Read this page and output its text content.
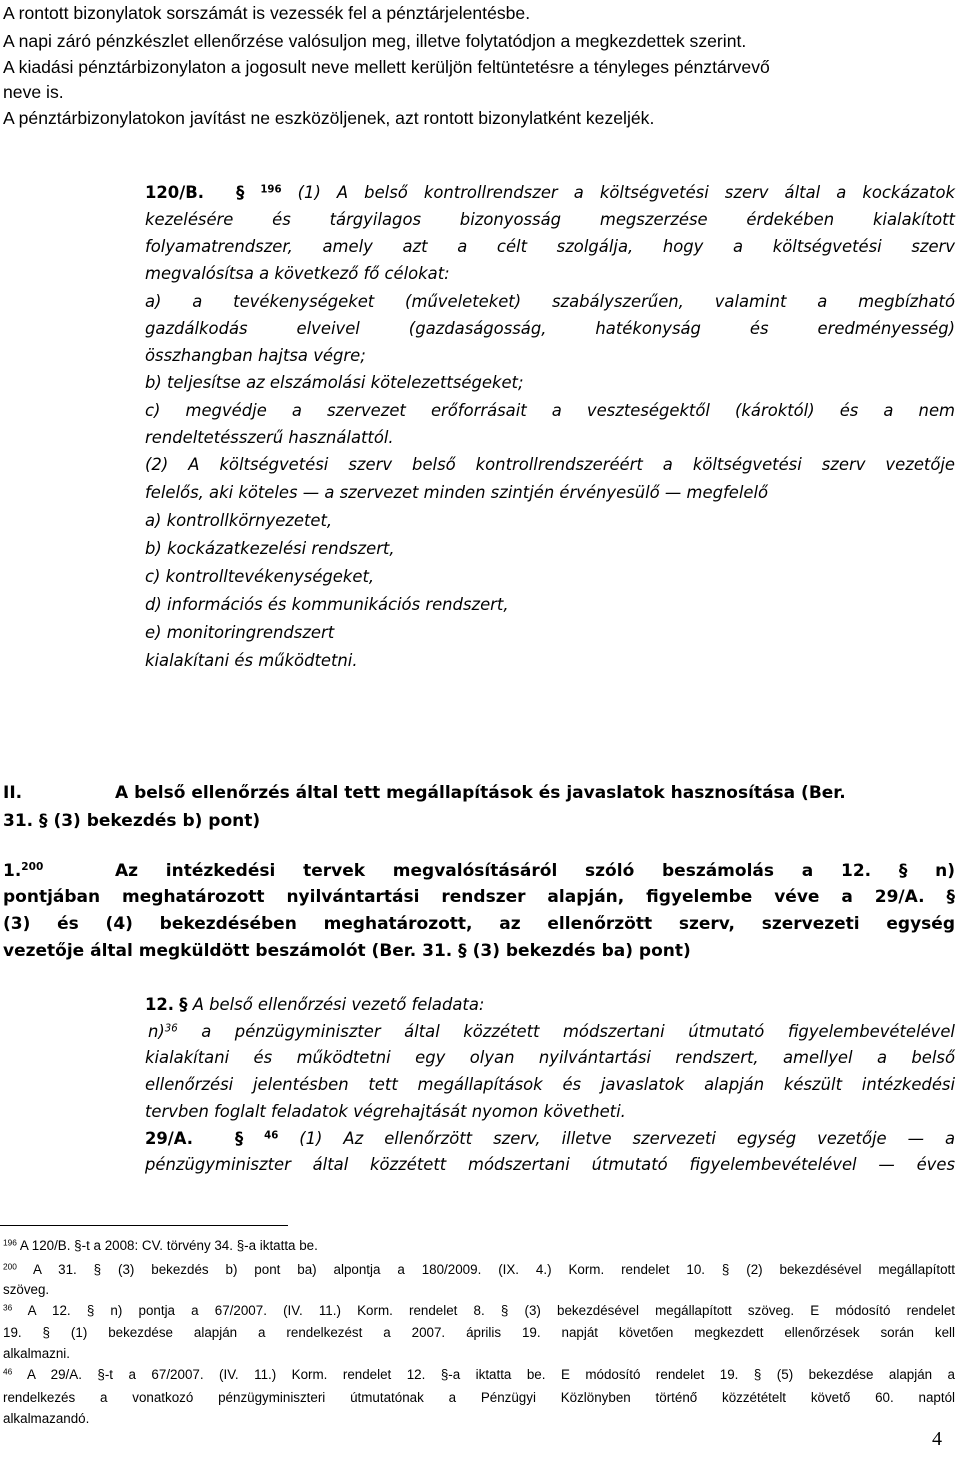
A rontott bizonylatok sorszámát is vezessék fel a pénztárjelentésbe.

A napi záró pénzkészlet ellenőrzése valósuljon meg, illetve folytatódjon a megkezdettek szerint.

A kiadási pénztárbizonylaton a jogosult neve mellett kerüljön feltüntetésre a tényleges pénztárvevő

neve is.

A pénztárbizonylatokon javítást ne eszközöljenek, azt rontott bizonylatként kezeljék.

120/B. § $^{196}$ (1) A belső kontrollrendszer a költségvetési szerv által a kockázatok

kezelésére és tárgyilagos bizonyosság megszerzése érdekében kialakított

folyamatrendszer, amely azt a célt szolgálja, hogy a költségvetési szerv

megvalósítsa a következő fő célokat:

a) a tevékenységeket (műveleteket) szabályszerűen, valamint a megbízható

gazdálkodás elveivel (gazdaságosság, hatékonyság és eredményesség)

összhangban hajtsa végre;

b) teljesítse az elszámolási kötelezettségeket;

c) megvédje a szervezet erőforrásait a veszteségektől (károktól) és a nem

rendeltetésszerű használattól.

(2) A költségvetési szerv belső kontrollrendszeréért a költségvetési szerv vezetője

felelős, aki köteles — a szervezet minden szintjén érvényesülő — megfelelő

a) kontrollkörnyezetet,

b) kockázatkezelési rendszert,

c) kontrolltevékenységeket,

d) információs és kommunikációs rendszert,

e) monitoringrendszert

kialakítani és működtetni.

II.	A belső ellenőrzés által tett megállapítások és javaslatok hasznosítása (Ber.

31. § (3) bekezdés b) pont)

1.$^{200}$	Az intézkedési tervek megvalósításáról szóló beszámolás a 12. § n)

pontjában meghatározott nyilvántartási rendszer alapján, figyelembe véve a 29/A. §

(3) és (4) bekezdésében meghatározott, az ellenőrzött szerv, szervezeti egység

vezetője által megküldött beszámolót (Ber. 31. § (3) bekezdés ba) pont)

12. § A belső ellenőrzési vezető feladata:

n)$^{36}$ a pénzügyminiszter által közzétett módszertani útmutató figyelembevételével

kialakítani és működtetni egy olyan nyilvántartási rendszert, amellyel a belső

ellenőrzési jelentésben tett megállapítások és javaslatok alapján készült intézkedési

tervben foglalt feladatok végrehajtását nyomon követheti.

29/A.	§ $^{46}$ (1) Az ellenőrzött szerv, illetve szervezeti egység vezetője — a

pénzügyminiszter által közzétett módszertani útmutató figyelembevételével — éves

$^{196}$ A 120/B. §-t a 2008: CV. törvény 34. §-a iktatta be.

$^{200}$ A 31. § (3) bekezdés b) pont ba) alpontja a 180/2009. (IX. 4.) Korm. rendelet 10. § (2) bekezdésével megállapított

szöveg.

$^{36}$ A 12. § n) pontja a 67/2007. (IV. 11.) Korm. rendelet 8. § (3) bekezdésével megállapított szöveg. E módosító rendelet

19. § (1) bekezdése alapján a rendelkezést a 2007. április 19. napját követően megkezdett ellenőrzések során kell

alkalmazni.

$^{46}$ A 29/A. §-t a 67/2007. (IV. 11.) Korm. rendelet 12. §-a iktatta be. E módosító rendelet 19. § (5) bekezdése alapján a

rendelkezés a vonatkozó pénzügyminiszteri útmutatónak a Pénzügyi Közlönyben történő közzétételt követő 60. naptól

alkalmazandó.

4
